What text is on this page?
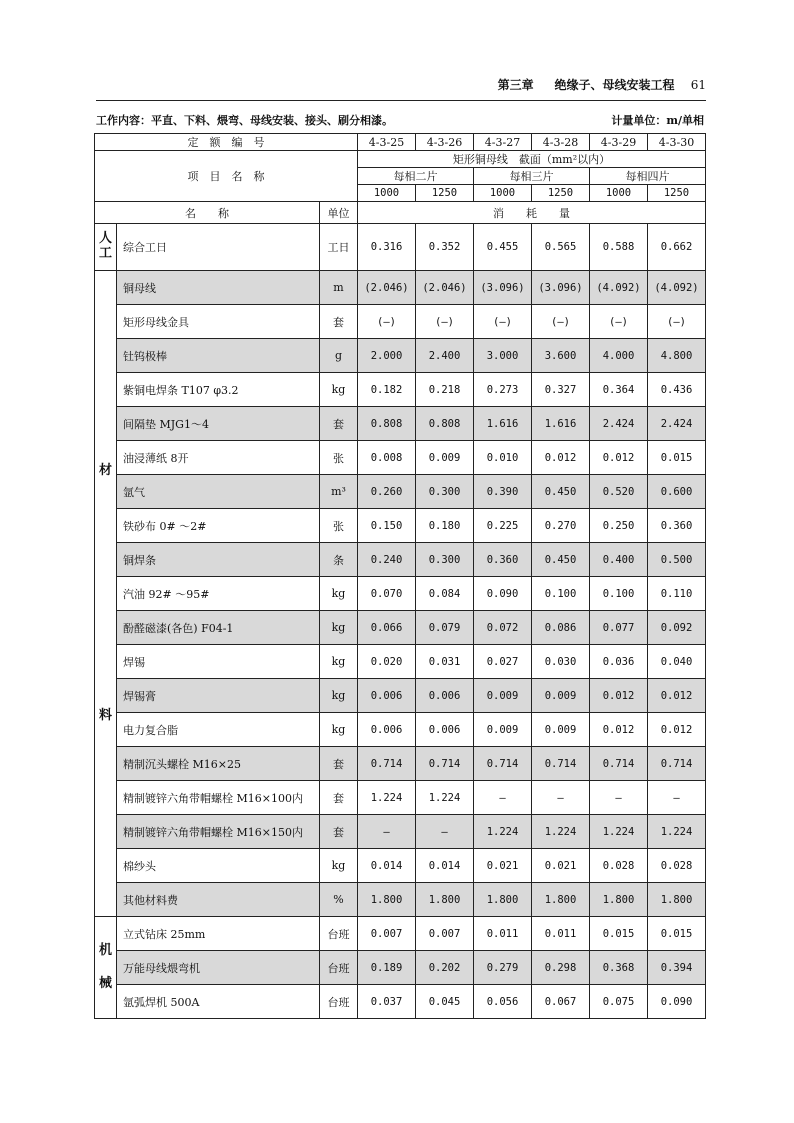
第三章 绝缘子、母线安装工程 61
工作内容：平直、下料、煨弯、母线安装、接头、刷分相漆。	计量单位：m/单相
定　额　编　号			4-3-25	4-3-26	4-3-27	4-3-28	4-3-29	4-3-30
项　目　名　称			矩形铜母线　截面（mm²以内）					
			每相二片		每相三片		每相四片	
			1000	1250	1000	1250	1000	1250
名　　称		单位	消　　耗　　量					

人工	综合工日	工日	0.316	0.352	0.455	0.565	0.588	0.662

材
料	铜母线	m	(2.046)	(2.046)	(3.096)	(3.096)	(4.092)	(4.092)
	矩形母线金具	套	(—)	(—)	(—)	(—)	(—)	(—)
	钍钨极棒	g	2.000	2.400	3.000	3.600	4.000	4.800
	紫铜电焊条 T107 φ3.2	kg	0.182	0.218	0.273	0.327	0.364	0.436
	间隔垫 MJG1～4	套	0.808	0.808	1.616	1.616	2.424	2.424
	油浸薄纸 8开	张	0.008	0.009	0.010	0.012	0.012	0.015
	氩气	m³	0.260	0.300	0.390	0.450	0.520	0.600
	铁砂布 0# ～2#	张	0.150	0.180	0.225	0.270	0.250	0.360
	铜焊条	条	0.240	0.300	0.360	0.450	0.400	0.500
	汽油 92# ～95#	kg	0.070	0.084	0.090	0.100	0.100	0.110
	酚醛磁漆(各色) F04-1	kg	0.066	0.079	0.072	0.086	0.077	0.092
	焊锡	kg	0.020	0.031	0.027	0.030	0.036	0.040
	焊锡膏	kg	0.006	0.006	0.009	0.009	0.012	0.012
	电力复合脂	kg	0.006	0.006	0.009	0.009	0.012	0.012
	精制沉头螺栓 M16×25	套	0.714	0.714	0.714	0.714	0.714	0.714
	精制镀锌六角带帽螺栓 M16×100内	套	1.224	1.224	—	—	—	—
	精制镀锌六角带帽螺栓 M16×150内	套	—	—	1.224	1.224	1.224	1.224
	棉纱头	kg	0.014	0.014	0.021	0.021	0.028	0.028
	其他材料费	%	1.800	1.800	1.800	1.800	1.800	1.800

机
械	立式钻床 25mm	台班	0.007	0.007	0.011	0.011	0.015	0.015
	万能母线煨弯机	台班	0.189	0.202	0.279	0.298	0.368	0.394
	氩弧焊机 500A	台班	0.037	0.045	0.056	0.067	0.075	0.090
